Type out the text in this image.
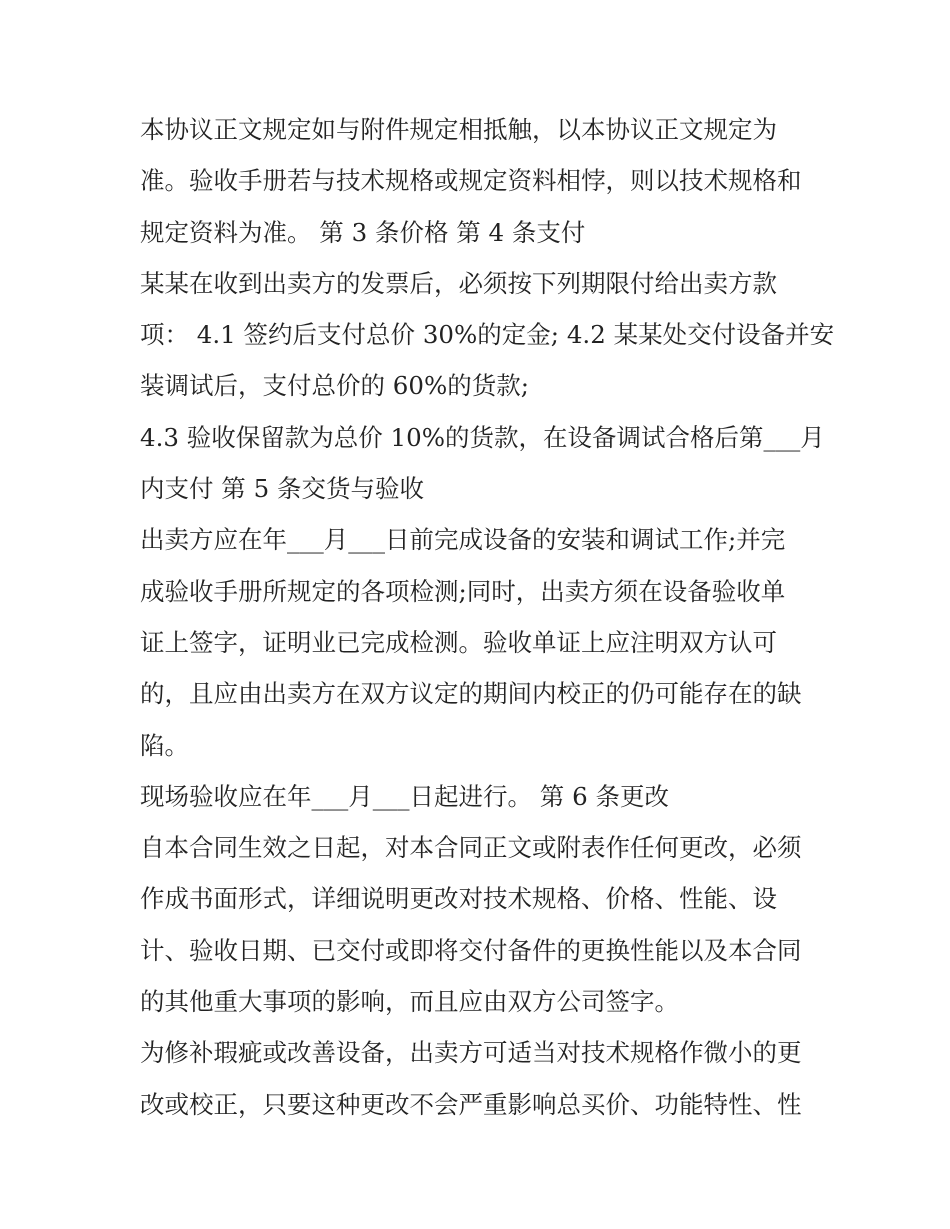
本协议正文规定如与附件规定相抵触，以本协议正文规定为
准。验收手册若与技术规格或规定资料相悖，则以技术规格和
规定资料为准。 第 3 条价格 第 4 条支付

某某在收到出卖方的发票后，必须按下列期限付给出卖方款
项： 4.1 签约后支付总价 30%的定金; 4.2 某某处交付设备并安
装调试后，支付总价的 60%的货款;

4.3 验收保留款为总价 10%的货款，在设备调试合格后第___月
内支付 第 5 条交货与验收

出卖方应在年___月___日前完成设备的安装和调试工作;并完
成验收手册所规定的各项检测;同时，出卖方须在设备验收单
证上签字，证明业已完成检测。验收单证上应注明双方认可
的，且应由出卖方在双方议定的期间内校正的仍可能存在的缺
陷。

现场验收应在年___月___日起进行。 第 6 条更改

自本合同生效之日起，对本合同正文或附表作任何更改，必须
作成书面形式，详细说明更改对技术规格、价格、性能、设
计、验收日期、已交付或即将交付备件的更换性能以及本合同
的其他重大事项的影响，而且应由双方公司签字。

为修补瑕疵或改善设备，出卖方可适当对技术规格作微小的更
改或校正，只要这种更改不会严重影响总买价、功能特性、性
